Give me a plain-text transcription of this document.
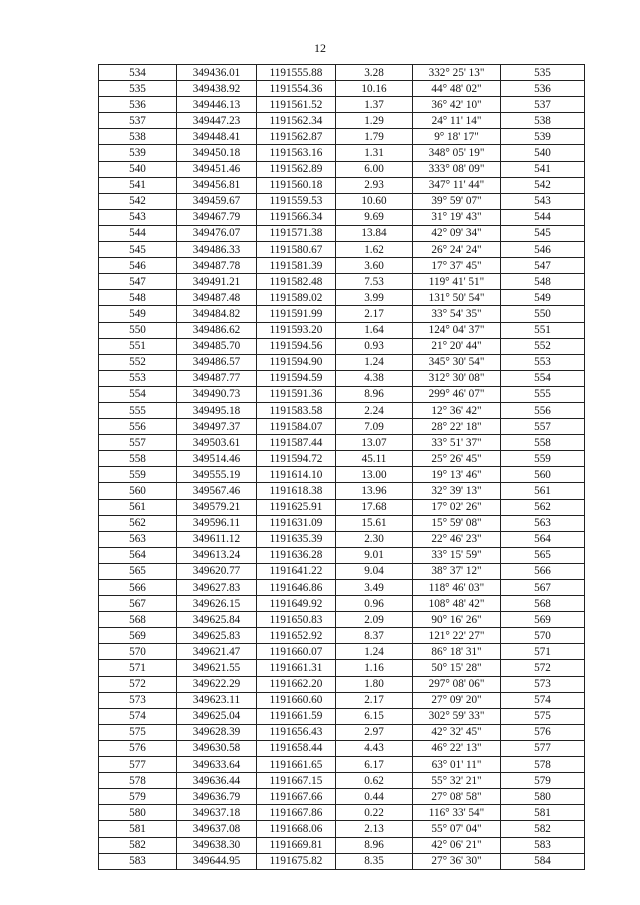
12
534	349436.01	1191555.88	3.28	332° 25' 13"	535
535	349438.92	1191554.36	10.16	44° 48' 02"	536
536	349446.13	1191561.52	1.37	36° 42' 10"	537
537	349447.23	1191562.34	1.29	24° 11' 14"	538
538	349448.41	1191562.87	1.79	9° 18' 17"	539
539	349450.18	1191563.16	1.31	348° 05' 19"	540
540	349451.46	1191562.89	6.00	333° 08' 09"	541
541	349456.81	1191560.18	2.93	347° 11' 44"	542
542	349459.67	1191559.53	10.60	39° 59' 07"	543
543	349467.79	1191566.34	9.69	31° 19' 43"	544
544	349476.07	1191571.38	13.84	42° 09' 34"	545
545	349486.33	1191580.67	1.62	26° 24' 24"	546
546	349487.78	1191581.39	3.60	17° 37' 45"	547
547	349491.21	1191582.48	7.53	119° 41' 51"	548
548	349487.48	1191589.02	3.99	131° 50' 54"	549
549	349484.82	1191591.99	2.17	33° 54' 35"	550
550	349486.62	1191593.20	1.64	124° 04' 37"	551
551	349485.70	1191594.56	0.93	21° 20' 44"	552
552	349486.57	1191594.90	1.24	345° 30' 54"	553
553	349487.77	1191594.59	4.38	312° 30' 08"	554
554	349490.73	1191591.36	8.96	299° 46' 07"	555
555	349495.18	1191583.58	2.24	12° 36' 42"	556
556	349497.37	1191584.07	7.09	28° 22' 18"	557
557	349503.61	1191587.44	13.07	33° 51' 37"	558
558	349514.46	1191594.72	45.11	25° 26' 45"	559
559	349555.19	1191614.10	13.00	19° 13' 46"	560
560	349567.46	1191618.38	13.96	32° 39' 13"	561
561	349579.21	1191625.91	17.68	17° 02' 26"	562
562	349596.11	1191631.09	15.61	15° 59' 08"	563
563	349611.12	1191635.39	2.30	22° 46' 23"	564
564	349613.24	1191636.28	9.01	33° 15' 59"	565
565	349620.77	1191641.22	9.04	38° 37' 12"	566
566	349627.83	1191646.86	3.49	118° 46' 03"	567
567	349626.15	1191649.92	0.96	108° 48' 42"	568
568	349625.84	1191650.83	2.09	90° 16' 26"	569
569	349625.83	1191652.92	8.37	121° 22' 27"	570
570	349621.47	1191660.07	1.24	86° 18' 31"	571
571	349621.55	1191661.31	1.16	50° 15' 28"	572
572	349622.29	1191662.20	1.80	297° 08' 06"	573
573	349623.11	1191660.60	2.17	27° 09' 20"	574
574	349625.04	1191661.59	6.15	302° 59' 33"	575
575	349628.39	1191656.43	2.97	42° 32' 45"	576
576	349630.58	1191658.44	4.43	46° 22' 13"	577
577	349633.64	1191661.65	6.17	63° 01' 11"	578
578	349636.44	1191667.15	0.62	55° 32' 21"	579
579	349636.79	1191667.66	0.44	27° 08' 58"	580
580	349637.18	1191667.86	0.22	116° 33' 54"	581
581	349637.08	1191668.06	2.13	55° 07' 04"	582
582	349638.30	1191669.81	8.96	42° 06' 21"	583
583	349644.95	1191675.82	8.35	27° 36' 30"	584
